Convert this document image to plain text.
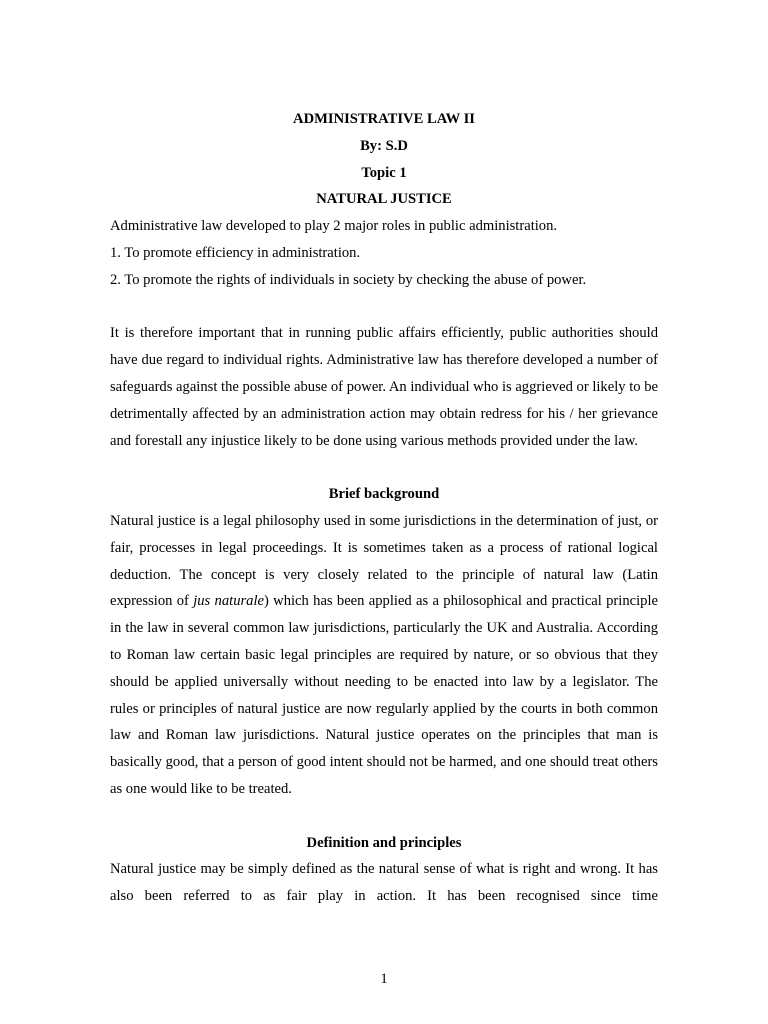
ADMINISTRATIVE LAW II

By: S.D

Topic 1

NATURAL JUSTICE

Administrative law developed to play 2 major roles in public administration.

1. To promote efficiency in administration.

2. To promote the rights of individuals in society by checking the abuse of power.

It is therefore important that in running public affairs efficiently, public authorities should have due regard to individual rights. Administrative law has therefore developed a number of safeguards against the possible abuse of power. An individual who is aggrieved or likely to be detrimentally affected by an administration action may obtain redress for his / her grievance and forestall any injustice likely to be done using various methods provided under the law.

Brief background

Natural justice is a legal philosophy used in some jurisdictions in the determination of just, or fair, processes in legal proceedings. It is sometimes taken as a process of rational logical deduction. The concept is very closely related to the principle of natural law (Latin expression of jus naturale) which has been applied as a philosophical and practical principle in the law in several common law jurisdictions, particularly the UK and Australia. According to Roman law certain basic legal principles are required by nature, or so obvious that they should be applied universally without needing to be enacted into law by a legislator. The rules or principles of natural justice are now regularly applied by the courts in both common law and Roman law jurisdictions. Natural justice operates on the principles that man is basically good, that a person of good intent should not be harmed, and one should treat others as one would like to be treated.

Definition and principles

Natural justice may be simply defined as the natural sense of what is right and wrong. It has also been referred to as fair play in action. It has been recognised since time

1
